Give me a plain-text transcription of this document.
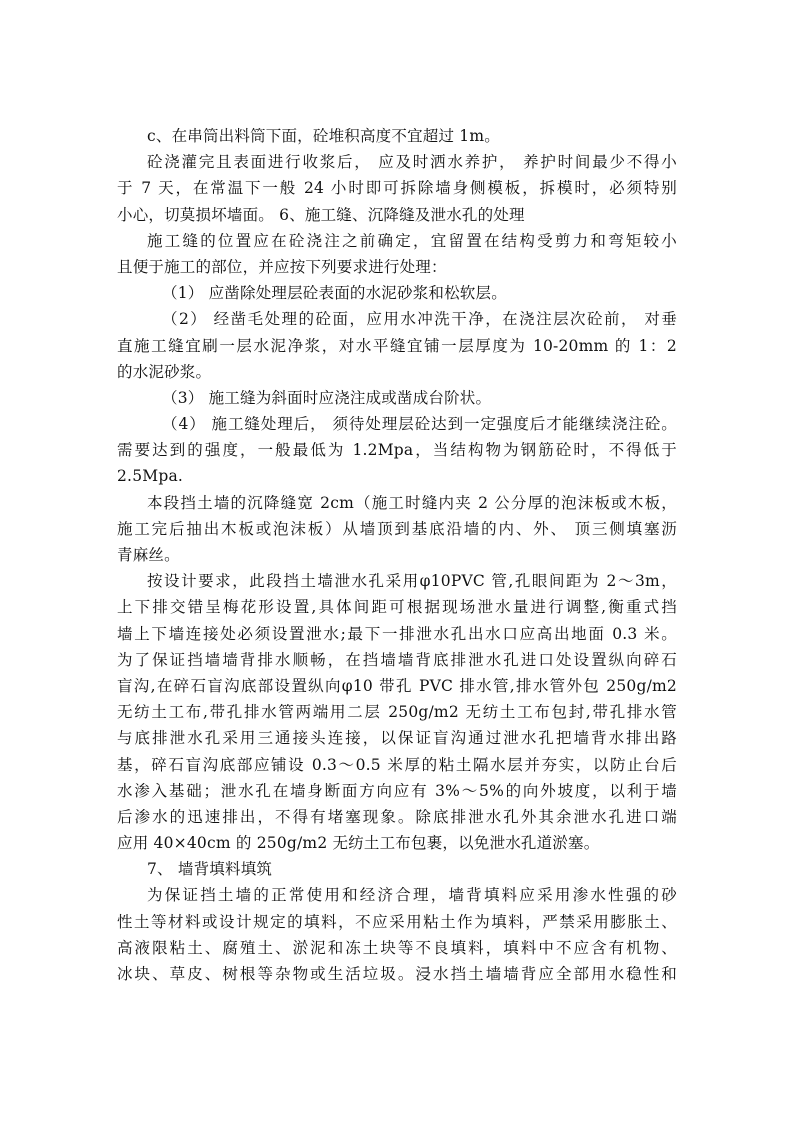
c、在串筒出料筒下面，砼堆积高度不宜超过 1m。
砼浇灌完且表面进行收浆后， 应及时洒水养护， 养护时间最少不得小
于 7 天，在常温下一般 24 小时即可拆除墙身侧模板，拆模时，必须特别
小心，切莫损坏墙面。 6、施工缝、沉降缝及泄水孔的处理
施工缝的位置应在砼浇注之前确定，宜留置在结构受剪力和弯矩较小
且便于施工的部位，并应按下列要求进行处理：
（1） 应凿除处理层砼表面的水泥砂浆和松软层。
（2） 经凿毛处理的砼面，应用水冲洗干净，在浇注层次砼前， 对垂
直施工缝宜刷一层水泥净浆，对水平缝宜铺一层厚度为 10-20mm 的 1：2
的水泥砂浆。
（3） 施工缝为斜面时应浇注成或凿成台阶状。
（4） 施工缝处理后， 须待处理层砼达到一定强度后才能继续浇注砼。
需要达到的强度，一般最低为 1.2Mpa，当结构物为钢筋砼时，不得低于
2.5Mpa.
本段挡土墙的沉降缝宽 2cm（施工时缝内夹 2 公分厚的泡沫板或木板，
施工完后抽出木板或泡沫板）从墙顶到基底沿墙的内、外、 顶三侧填塞沥
青麻丝。
按设计要求，此段挡土墙泄水孔采用φ10PVC 管,孔眼间距为 2～3m，
上下排交错呈梅花形设置,具体间距可根据现场泄水量进行调整,衡重式挡
墙上下墙连接处必须设置泄水;最下一排泄水孔出水口应高出地面 0.3 米。
为了保证挡墙墙背排水顺畅，在挡墙墙背底排泄水孔进口处设置纵向碎石
盲沟,在碎石盲沟底部设置纵向φ10 带孔 PVC 排水管,排水管外包 250g/m2
无纺土工布,带孔排水管两端用二层 250g/m2 无纺土工布包封,带孔排水管
与底排泄水孔采用三通接头连接，以保证盲沟通过泄水孔把墙背水排出路
基，碎石盲沟底部应铺设 0.3～0.5 米厚的粘土隔水层并夯实，以防止台后
水渗入基础；泄水孔在墙身断面方向应有 3%～5%的向外坡度，以利于墙
后渗水的迅速排出，不得有堵塞现象。除底排泄水孔外其余泄水孔进口端
应用 40×40cm 的 250g/m2 无纺土工布包裹，以免泄水孔道淤塞。
7、 墙背填料填筑
为保证挡土墙的正常使用和经济合理，墙背填料应采用渗水性强的砂
性土等材料或设计规定的填料，不应采用粘土作为填料，严禁采用膨胀土、
高液限粘土、腐殖土、淤泥和冻土块等不良填料，填料中不应含有机物、
冰块、草皮、树根等杂物或生活垃圾。浸水挡土墙墙背应全部用水稳性和
